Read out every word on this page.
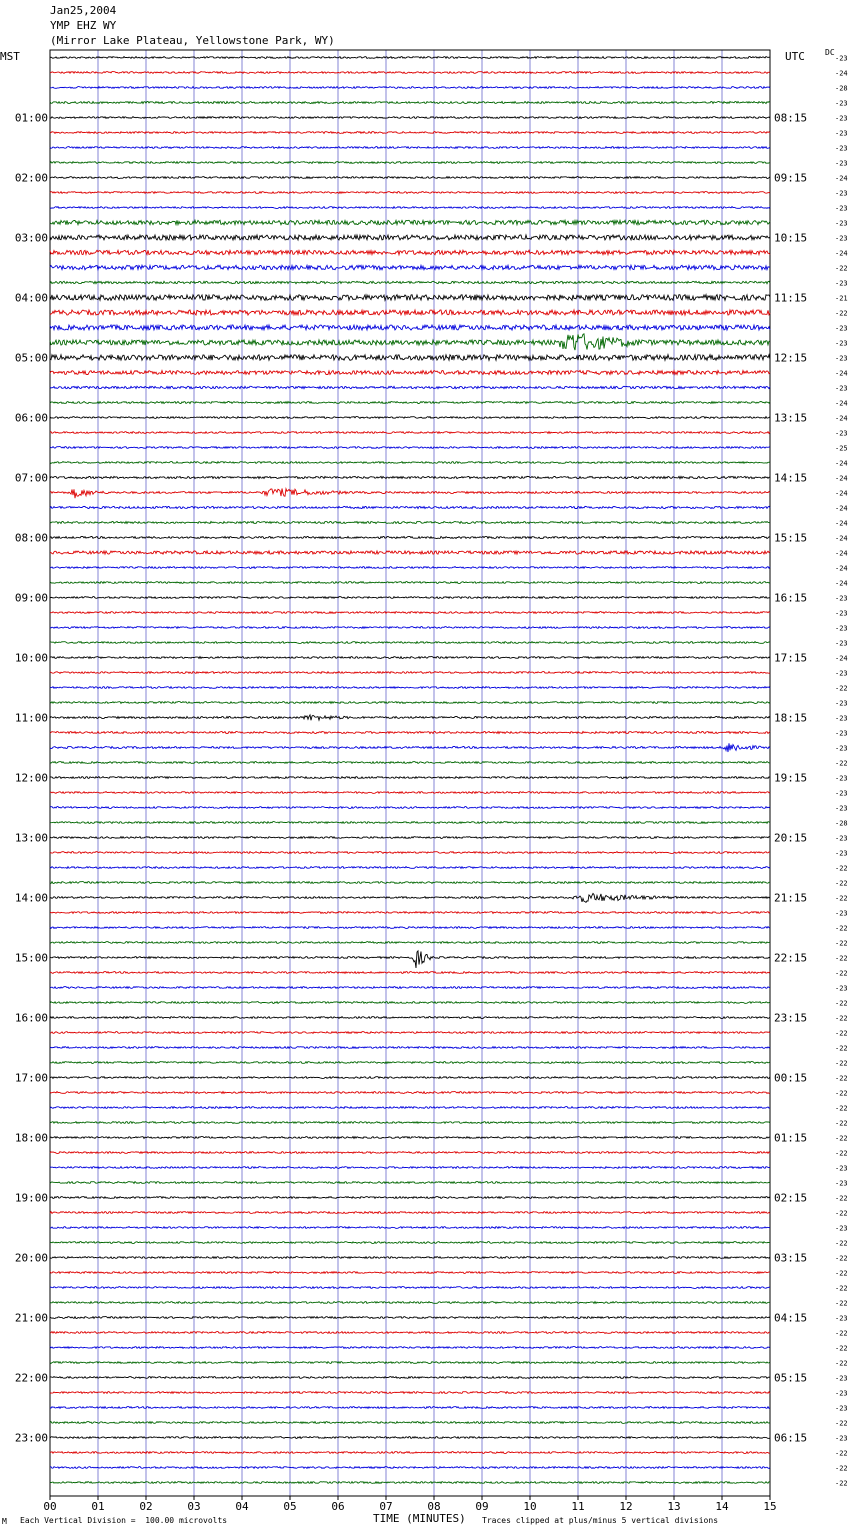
Jan25,2004
YMP EHZ WY
(Mirror Lake Plateau, Yellowstone Park, WY)
MST	UTC	DC
-23
-24
-28
-23
-23
-23
-23
-23
-24
-23
-23
-23
-23
-24
-22
-23
-21
-22
-23
-23
-23
-24
-23
-24
-24
-23
-25
-24
-24
-24
-24
-24
-24
-24
-24
-24
-23
-23
-23
-23
-24
-23
-22
-23
-23
-23
-23
-22
-23
-23
-23
-28
-23
-23
-22
-22
-22
-23
-22
-22
-22
-22
-23
-22
-22
-22
-22
-22
-22
-22
-22
-22
-22
-22
-23
-23
-22
-22
-23
-22
-22
-22
-22
-22
-23
-22
-22
-22
-23
-23
-23
-22
-23
-22
-22
-22
01:00
02:00
03:00
04:00
05:00
06:00
07:00
08:00
09:00
10:00
11:00
12:00
13:00
14:00
15:00
16:00
17:00
18:00
19:00
20:00
21:00
22:00
23:00
08:15
09:15
10:15
11:15
12:15
13:15
14:15
15:15
16:15
17:15
18:15
19:15
20:15
21:15
22:15
23:15
00:15
01:15
02:15
03:15
04:15
05:15
06:15
00	01	02	03	04	05	06	07	08	09	10	11	12	13	14	15
M Each Vertical Division =  100.00 microvolts	TIME (MINUTES) Traces clipped at plus/minus 5 vertical divisions
